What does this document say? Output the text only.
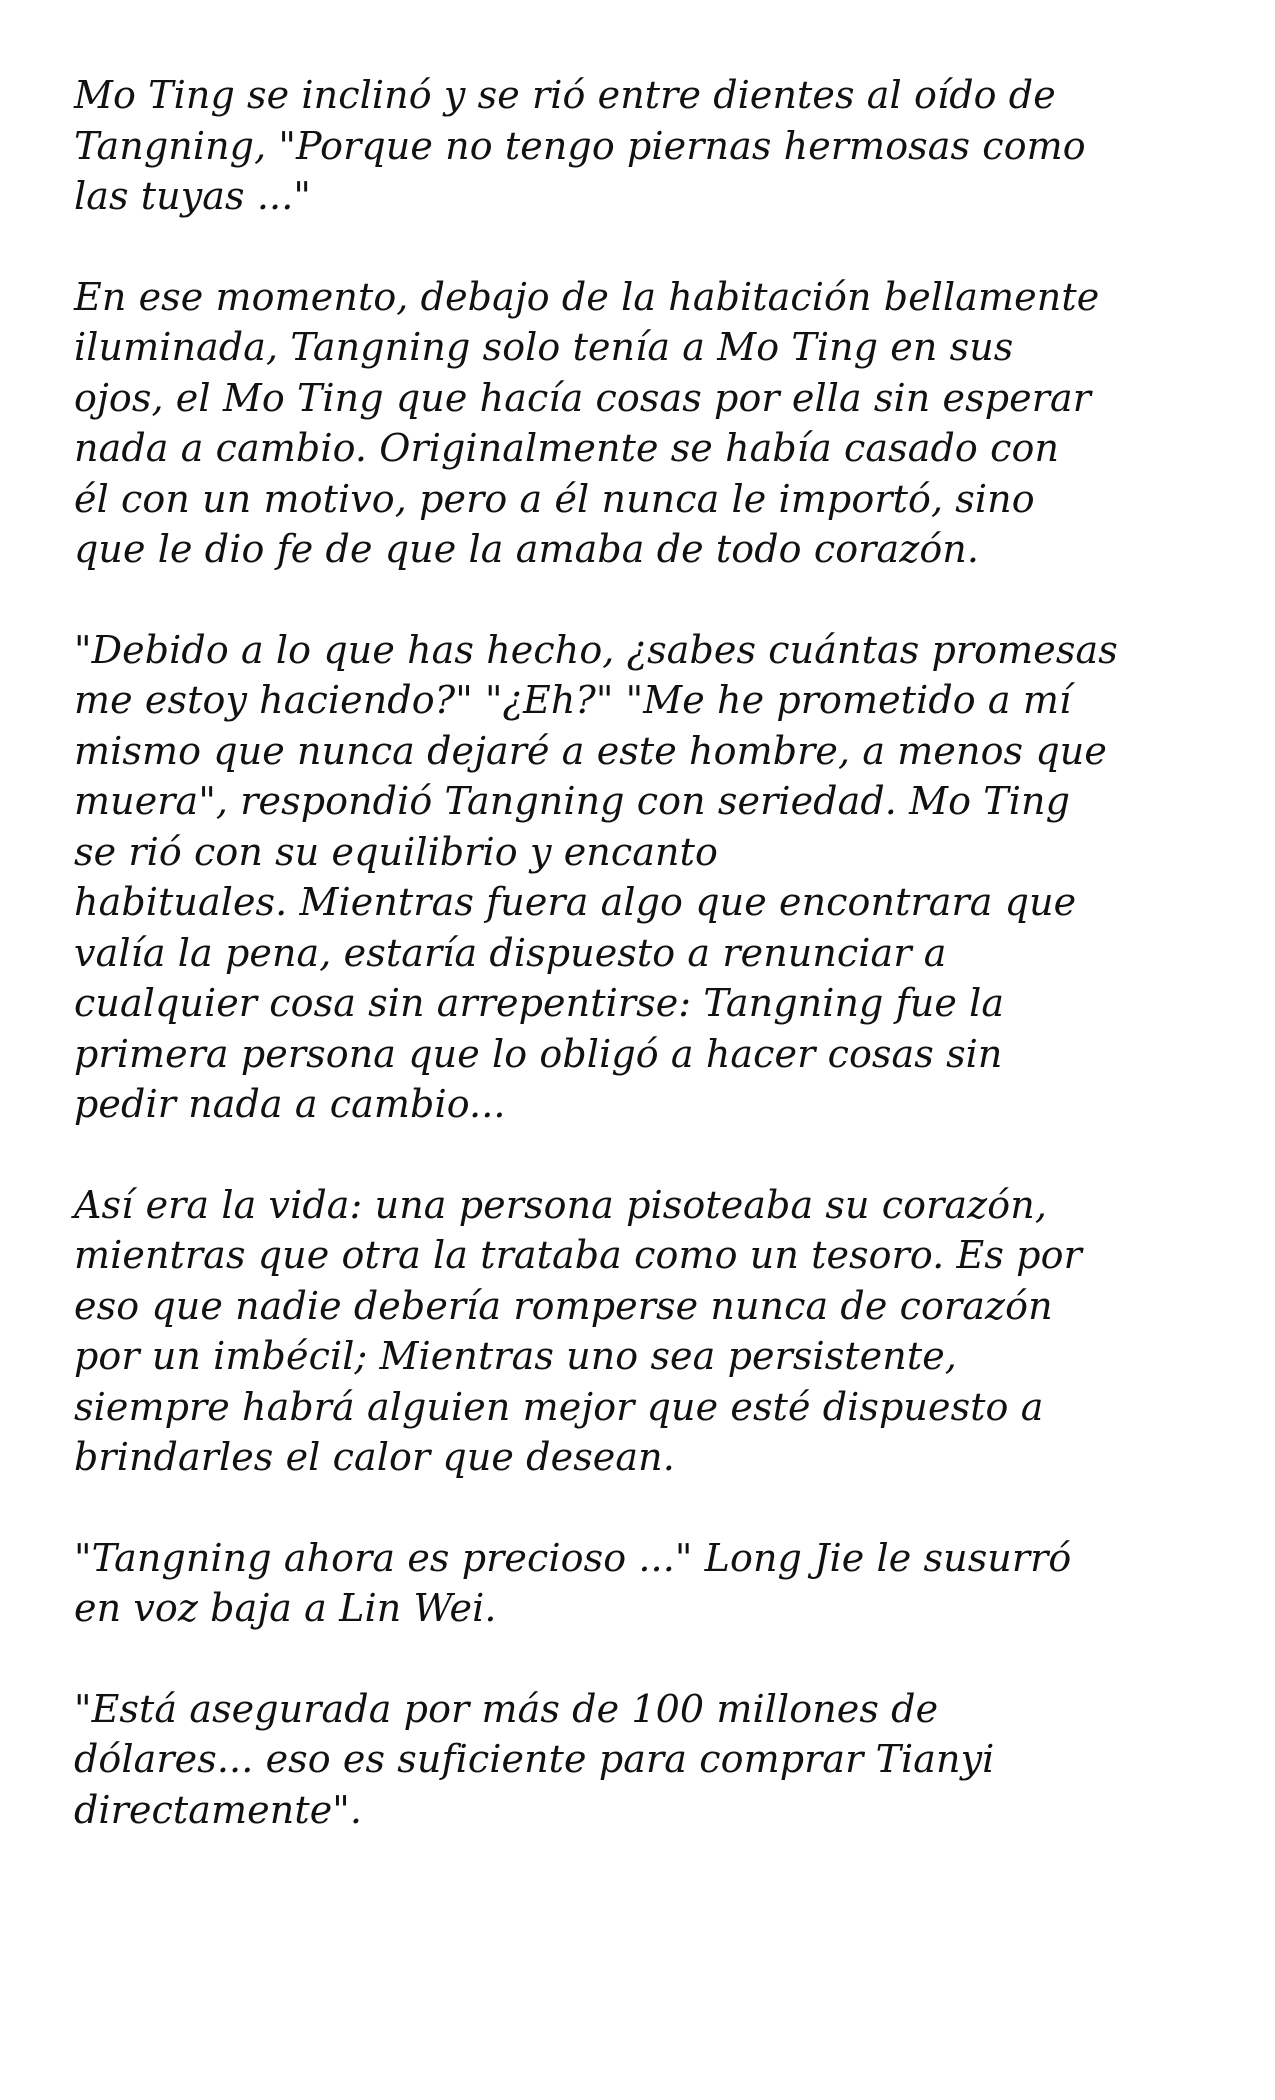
Mo Ting se inclinó y se rió entre dientes al oído de
Tangning, "Porque no tengo piernas hermosas como
las tuyas ..."
En ese momento, debajo de la habitación bellamente
iluminada, Tangning solo tenía a Mo Ting en sus
ojos, el Mo Ting que hacía cosas por ella sin esperar
nada a cambio. Originalmente se había casado con
él con un motivo, pero a él nunca le importó, sino
que le dio fe de que la amaba de todo corazón.
"Debido a lo que has hecho, ¿sabes cuántas promesas
me estoy haciendo?" "¿Eh?" "Me he prometido a mí
mismo que nunca dejaré a este hombre, a menos que
muera", respondió Tangning con seriedad. Mo Ting
se rió con su equilibrio y encanto
habituales. Mientras fuera algo que encontrara que
valía la pena, estaría dispuesto a renunciar a
cualquier cosa sin arrepentirse: Tangning fue la
primera persona que lo obligó a hacer cosas sin
pedir nada a cambio...
Así era la vida: una persona pisoteaba su corazón,
mientras que otra la trataba como un tesoro. Es por
eso que nadie debería romperse nunca de corazón
por un imbécil; Mientras uno sea persistente,
siempre habrá alguien mejor que esté dispuesto a
brindarles el calor que desean.
"Tangning ahora es precioso ..." Long Jie le susurró
en voz baja a Lin Wei.
"Está asegurada por más de 100 millones de
dólares... eso es suficiente para comprar Tianyi
directamente".
